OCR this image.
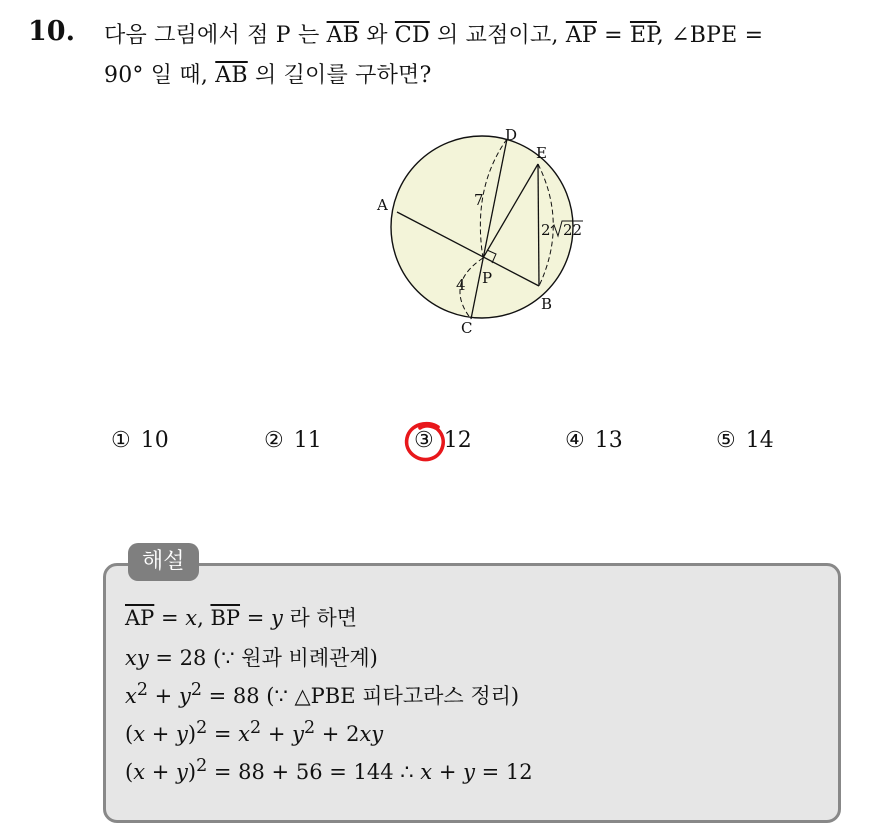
10. 다음 그림에서 점 P 는 $\overline{AB}$ 와 $\overline{CD}$ 의 교점이고, $\overline{AP} = \overline{EP}$, ∠BPE =
90° 일 때, $\overline{AB}$ 의 길이를 구하면?
A
B
C
D
E
P
7
4
2 22
① 10	② 11	③ 12	④ 13	⑤ 14
해설
$\overline{AP} = x$, $\overline{BP} = y$ 라 하면
xy = 28 (∵ 원과 비례관계)
$x^2 + y^2 = 88$ (∵ △PBE 피타고라스 정리)
$(x + y)^2 = x^2 + y^2 + 2xy$
$(x + y)^2 = 88 + 56 = 144$ ∴ x + y = 12
